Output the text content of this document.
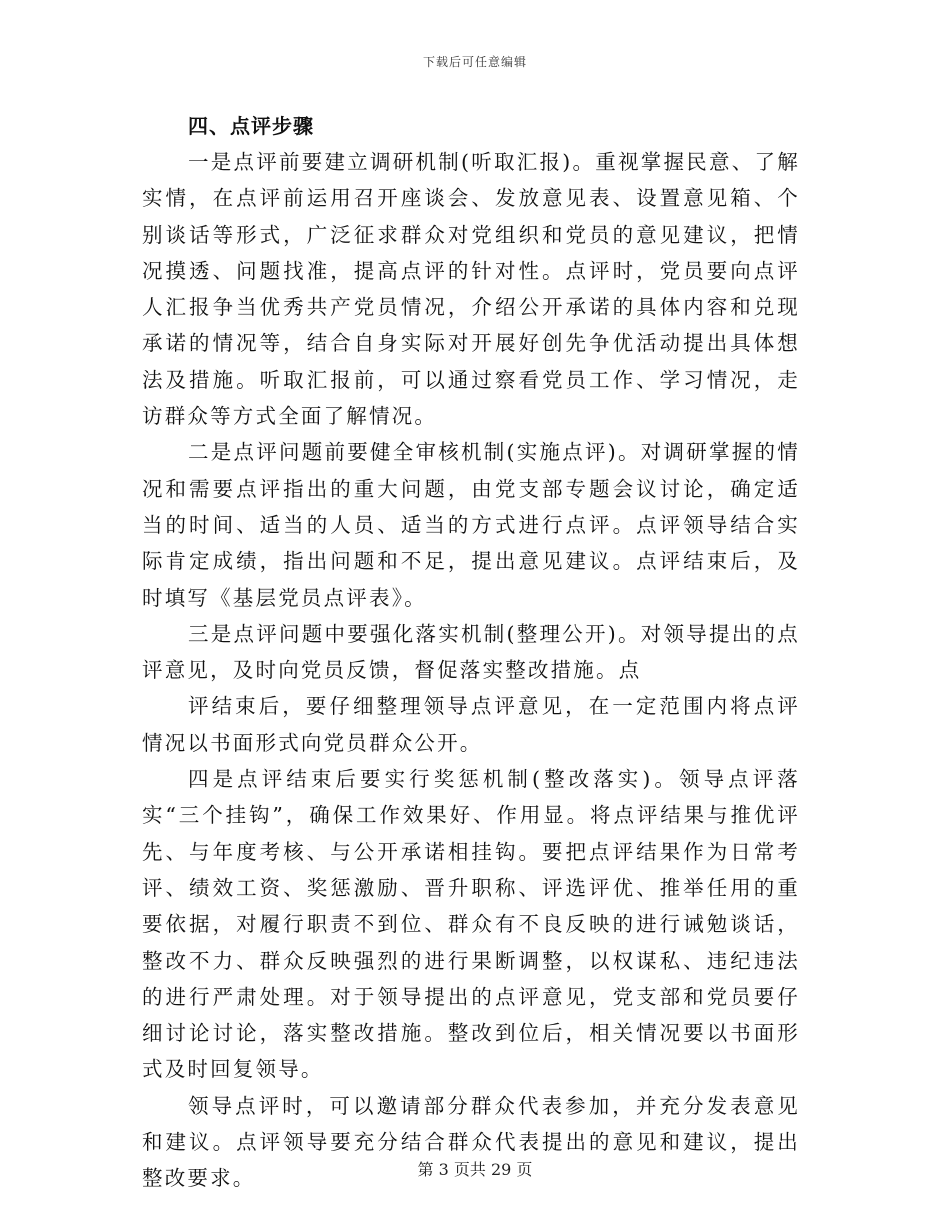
下载后可任意编辑

四、点评步骤

一是点评前要建立调研机制(听取汇报)。重视掌握民意、了解实情，在点评前运用召开座谈会、发放意见表、设置意见箱、个别谈话等形式，广泛征求群众对党组织和党员的意见建议，把情况摸透、问题找准，提高点评的针对性。点评时，党员要向点评人汇报争当优秀共产党员情况，介绍公开承诺的具体内容和兑现承诺的情况等，结合自身实际对开展好创先争优活动提出具体想法及措施。听取汇报前，可以通过察看党员工作、学习情况，走访群众等方式全面了解情况。

二是点评问题前要健全审核机制(实施点评)。对调研掌握的情况和需要点评指出的重大问题，由党支部专题会议讨论，确定适当的时间、适当的人员、适当的方式进行点评。点评领导结合实际肯定成绩，指出问题和不足，提出意见建议。点评结束后，及时填写《基层党员点评表》。

三是点评问题中要强化落实机制(整理公开)。对领导提出的点评意见，及时向党员反馈，督促落实整改措施。点

评结束后，要仔细整理领导点评意见，在一定范围内将点评情况以书面形式向党员群众公开。

四是点评结束后要实行奖惩机制(整改落实)。领导点评落实“三个挂钩”，确保工作效果好、作用显。将点评结果与推优评先、与年度考核、与公开承诺相挂钩。要把点评结果作为日常考评、绩效工资、奖惩激励、晋升职称、评选评优、推举任用的重要依据，对履行职责不到位、群众有不良反映的进行诫勉谈话，整改不力、群众反映强烈的进行果断调整，以权谋私、违纪违法的进行严肃处理。对于领导提出的点评意见，党支部和党员要仔细讨论讨论，落实整改措施。整改到位后，相关情况要以书面形式及时回复领导。

领导点评时，可以邀请部分群众代表参加，并充分发表意见和建议。点评领导要充分结合群众代表提出的意见和建议，提出整改要求。	第 3 页共 29 页
